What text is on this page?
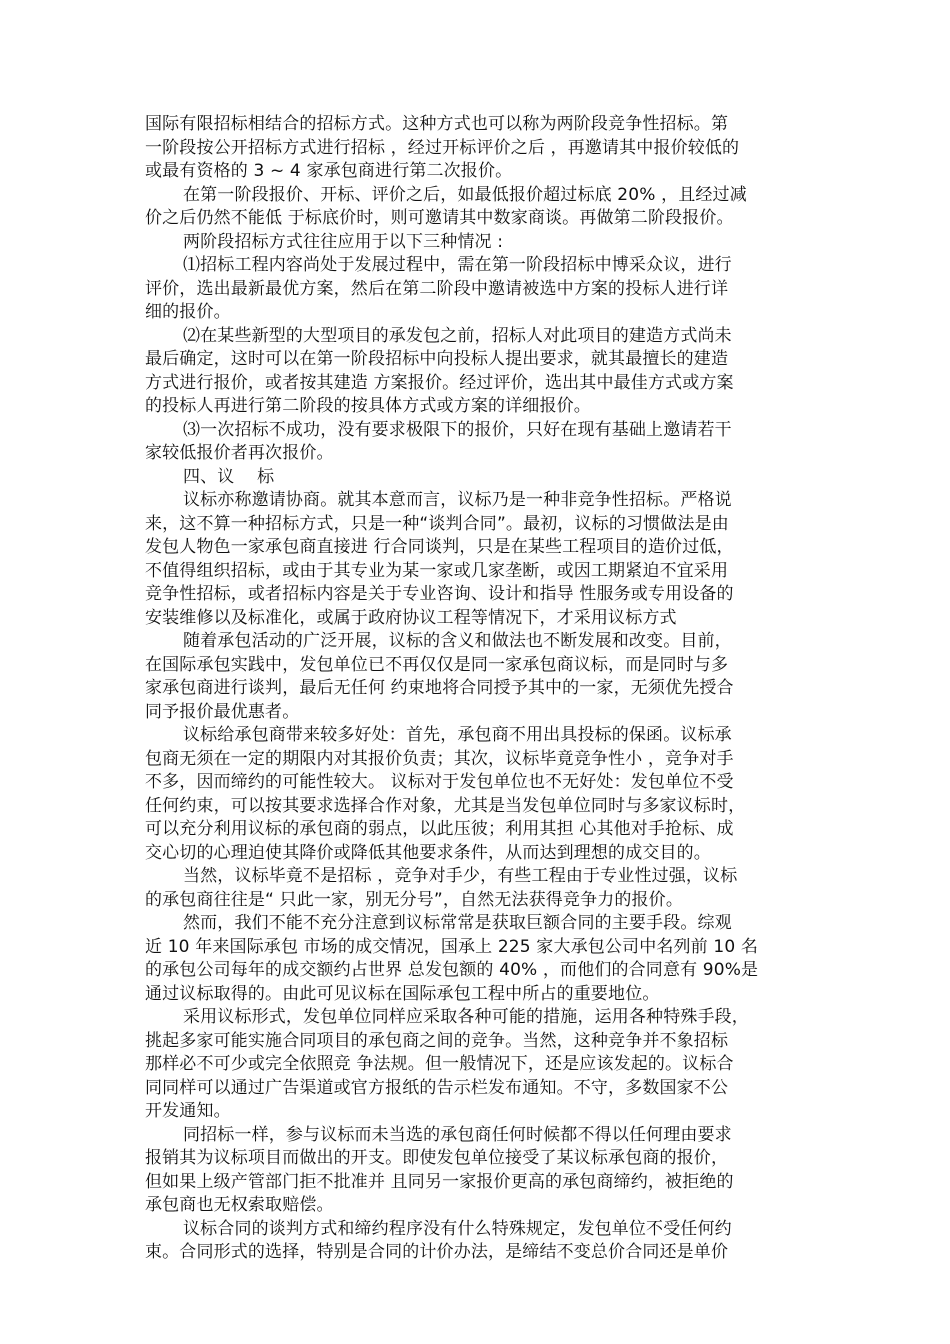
国际有限招标相结合的招标方式。这种方式也可以称为两阶段竞争性招标。第
一阶段按公开招标方式进行招标 ，经过开标评价之后 ，再邀请其中报价较低的
或最有资格的 3 ~ 4 家承包商进行第二次报价。
在第一阶段报价、开标、评价之后，如最低报价超过标底 20% ，且经过减
价之后仍然不能低 于标底价时，则可邀请其中数家商谈。再做第二阶段报价。
两阶段招标方式往往应用于以下三种情况 :
⑴招标工程内容尚处于发展过程中，需在第一阶段招标中博采众议，进行
评价，选出最新最优方案，然后在第二阶段中邀请被选中方案的投标人进行详
细的报价。
⑵在某些新型的大型项目的承发包之前，招标人对此项目的建造方式尚未
最后确定，这时可以在第一阶段招标中向投标人提出要求，就其最擅长的建造
方式进行报价，或者按其建造 方案报价。经过评价，选出其中最佳方式或方案
的投标人再进行第二阶段的按具体方式或方案的详细报价。
⑶一次招标不成功，没有要求极限下的报价，只好在现有基础上邀请若干
家较低报价者再次报价。
四、议　 标
议标亦称邀请协商。就其本意而言，议标乃是一种非竞争性招标。严格说
来，这不算一种招标方式，只是一种“谈判合同”。最初，议标的习惯做法是由
发包人物色一家承包商直接进 行合同谈判，只是在某些工程项目的造价过低，
不值得组织招标，或由于其专业为某一家或几家垄断，或因工期紧迫不宜采用
竞争性招标，或者招标内容是关于专业咨询、设计和指导 性服务或专用设备的
安装维修以及标准化，或属于政府协议工程等情况下，才采用议标方式
随着承包活动的广泛开展，议标的含义和做法也不断发展和改变。目前，
在国际承包实践中，发包单位已不再仅仅是同一家承包商议标，而是同时与多
家承包商进行谈判，最后无任何 约束地将合同授予其中的一家，无须优先授合
同予报价最优惠者。
议标给承包商带来较多好处：首先，承包商不用出具投标的保函。议标承
包商无须在一定的期限内对其报价负责；其次，议标毕竟竞争性小 ，竞争对手
不多，因而缔约的可能性较大。 议标对于发包单位也不无好处：发包单位不受
任何约束，可以按其要求选择合作对象，尤其是当发包单位同时与多家议标时，
可以充分利用议标的承包商的弱点，以此压彼；利用其担 心其他对手抢标、成
交心切的心理迫使其降价或降低其他要求条件，从而达到理想的成交目的。
当然，议标毕竟不是招标 ，竞争对手少，有些工程由于专业性过强，议标
的承包商往往是“ 只此一家，别无分号”，自然无法获得竞争力的报价。
然而，我们不能不充分注意到议标常常是获取巨额合同的主要手段。综观
近 10 年来国际承包 市场的成交情况，国承上 225 家大承包公司中名列前 10 名
的承包公司每年的成交额约占世界 总发包额的 40% ，而他们的合同意有 90%是
通过议标取得的。由此可见议标在国际承包工程中所占的重要地位。
采用议标形式，发包单位同样应采取各种可能的措施，运用各种特殊手段，
挑起多家可能实施合同项目的承包商之间的竞争。当然，这种竞争并不象招标
那样必不可少或完全依照竞 争法规。但一般情况下，还是应该发起的。议标合
同同样可以通过广告渠道或官方报纸的告示栏发布通知。不守，多数国家不公
开发通知。
同招标一样，参与议标而未当选的承包商任何时候都不得以任何理由要求
报销其为议标项目而做出的开支。即使发包单位接受了某议标承包商的报价，
但如果上级产管部门拒不批准并 且同另一家报价更高的承包商缔约，被拒绝的
承包商也无权索取赔偿。
议标合同的谈判方式和缔约程序没有什么特殊规定，发包单位不受任何约
束。合同形式的选择，特别是合同的计价办法，是缔结不变总价合同还是单价
